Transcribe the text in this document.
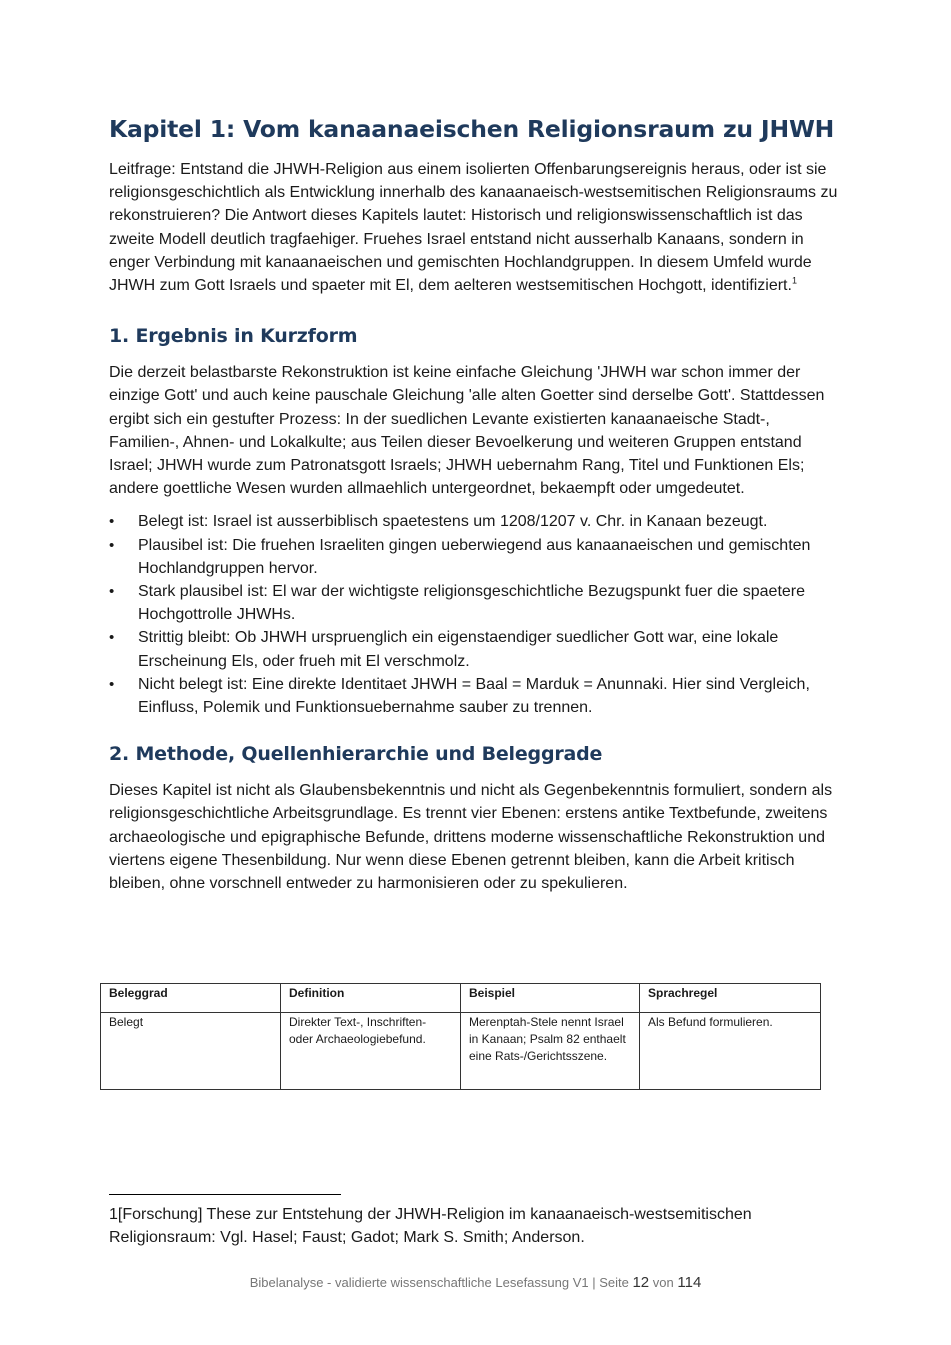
Kapitel 1: Vom kanaanaeischen Religionsraum zu JHWH

Leitfrage: Entstand die JHWH-Religion aus einem isolierten Offenbarungsereignis heraus, oder ist sie religionsgeschichtlich als Entwicklung innerhalb des kanaanaeisch-westsemitischen Religionsraums zu rekonstruieren? Die Antwort dieses Kapitels lautet: Historisch und religionswissenschaftlich ist das zweite Modell deutlich tragfaehiger. Fruehes Israel entstand nicht ausserhalb Kanaans, sondern in enger Verbindung mit kanaanaeischen und gemischten Hochlandgruppen. In diesem Umfeld wurde JHWH zum Gott Israels und spaeter mit El, dem aelteren westsemitischen Hochgott, identifiziert.$^1$

1. Ergebnis in Kurzform

Die derzeit belastbarste Rekonstruktion ist keine einfache Gleichung 'JHWH war schon immer der einzige Gott' und auch keine pauschale Gleichung 'alle alten Goetter sind derselbe Gott'. Stattdessen ergibt sich ein gestufter Prozess: In der suedlichen Levante existierten kanaanaeische Stadt-, Familien-, Ahnen- und Lokalkulte; aus Teilen dieser Bevoelkerung und weiteren Gruppen entstand Israel; JHWH wurde zum Patronatsgott Israels; JHWH uebernahm Rang, Titel und Funktionen Els; andere goettliche Wesen wurden allmaehlich untergeordnet, bekaempft oder umgedeutet.

• Belegt ist: Israel ist ausserbiblisch spaetestens um 1208/1207 v. Chr. in Kanaan bezeugt.
• Plausibel ist: Die fruehen Israeliten gingen ueberwiegend aus kanaanaeischen und gemischten Hochlandgruppen hervor.
• Stark plausibel ist: El war der wichtigste religionsgeschichtliche Bezugspunkt fuer die spaetere Hochgottrolle JHWHs.
• Strittig bleibt: Ob JHWH urspruenglich ein eigenstaendiger suedlicher Gott war, eine lokale Erscheinung Els, oder frueh mit El verschmolz.
• Nicht belegt ist: Eine direkte Identitaet JHWH = Baal = Marduk = Anunnaki. Hier sind Vergleich, Einfluss, Polemik und Funktionsuebernahme sauber zu trennen.
2. Methode, Quellenhierarchie und Beleggrade

Dieses Kapitel ist nicht als Glaubensbekenntnis und nicht als Gegenbekenntnis formuliert, sondern als religionsgeschichtliche Arbeitsgrundlage. Es trennt vier Ebenen: erstens antike Textbefunde, zweitens archaeologische und epigraphische Befunde, drittens moderne wissenschaftliche Rekonstruktion und viertens eigene Thesenbildung. Nur wenn diese Ebenen getrennt bleiben, kann die Arbeit kritisch bleiben, ohne vorschnell entweder zu harmonisieren oder zu spekulieren.

Beleggrad	Definition	Beispiel	Sprachregel
Belegt	Direkter Text-, Inschriften- oder Archaeologiebefund.	Merenptah-Stele nennt Israel in Kanaan; Psalm 82 enthaelt eine Rats-/Gerichtsszene.	Als Befund formulieren.

1[Forschung] These zur Entstehung der JHWH-Religion im kanaanaeisch-westsemitischen Religionsraum: Vgl. Hasel; Faust; Gadot; Mark S. Smith; Anderson.

Bibelanalyse - validierte wissenschaftliche Lesefassung V1 | Seite 12 von 114
